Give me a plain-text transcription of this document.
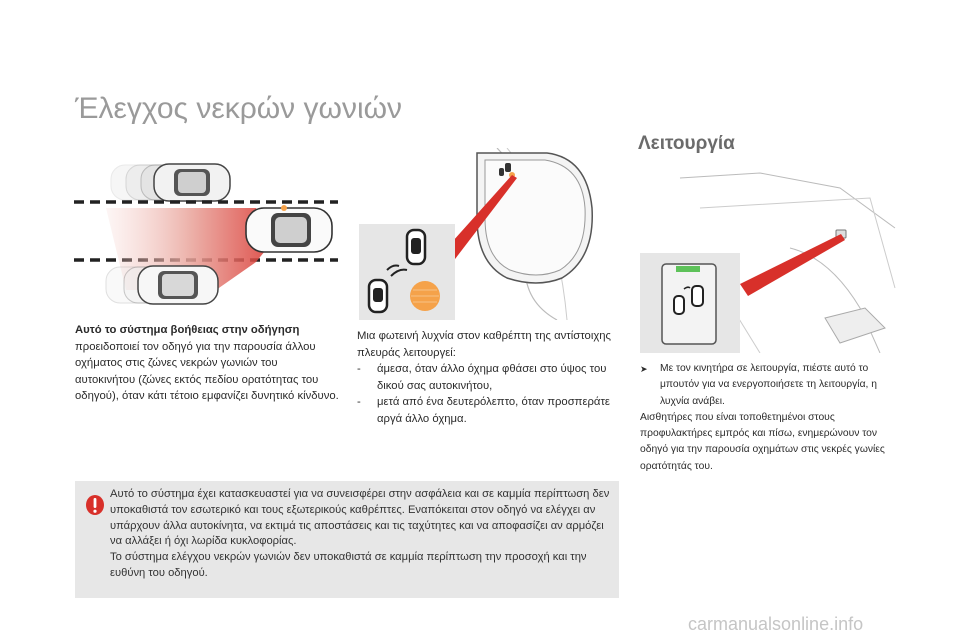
Έλεγχος νεκρών γωνιών
Λειτουργία
Αυτό το σύστημα βοήθειας στην οδήγηση
προειδοποιεί τον οδηγό για την παρουσία άλλου οχήματος στις ζώνες νεκρών γωνιών του αυτοκινήτου (ζώνες εκτός πεδίου ορατότητας του οδηγού), όταν κάτι τέτοιο εμφανίζει δυνητικό κίνδυνο.
Μια φωτεινή λυχνία στον καθρέπτη της αντίστοιχης πλευράς λειτουργεί:
- άμεσα, όταν άλλο όχημα φθάσει στο ύψος του δικού σας αυτοκινήτου,
- μετά από ένα δευτερόλεπτο, όταν προσπεράτε αργά άλλο όχημα.
➤ Με τον κινητήρα σε λειτουργία, πιέστε αυτό το μπουτόν για να ενεργοποιήσετε τη λειτουργία, η λυχνία ανάβει.
Αισθητήρες που είναι τοποθετημένοι στους προφυλακτήρες εμπρός και πίσω, ενημερώνουν τον οδηγό για την παρουσία οχημάτων στις νεκρές γωνίες ορατότητάς του.
Αυτό το σύστημα έχει κατασκευαστεί για να συνεισφέρει στην ασφάλεια και σε καμμία περίπτωση δεν υποκαθιστά τον εσωτερικό και τους εξωτερικούς καθρέπτες. Εναπόκειται στον οδηγό να ελέγχει αν υπάρχουν άλλα αυτοκίνητα, να εκτιμά τις αποστάσεις και τις ταχύτητες και να αποφασίζει αν αρμόζει να αλλάξει ή όχι λωρίδα κυκλοφορίας.
Το σύστημα ελέγχου νεκρών γωνιών δεν υποκαθιστά σε καμμία περίπτωση την προσοχή και την ευθύνη του οδηγού.
carmanualsonline.info
